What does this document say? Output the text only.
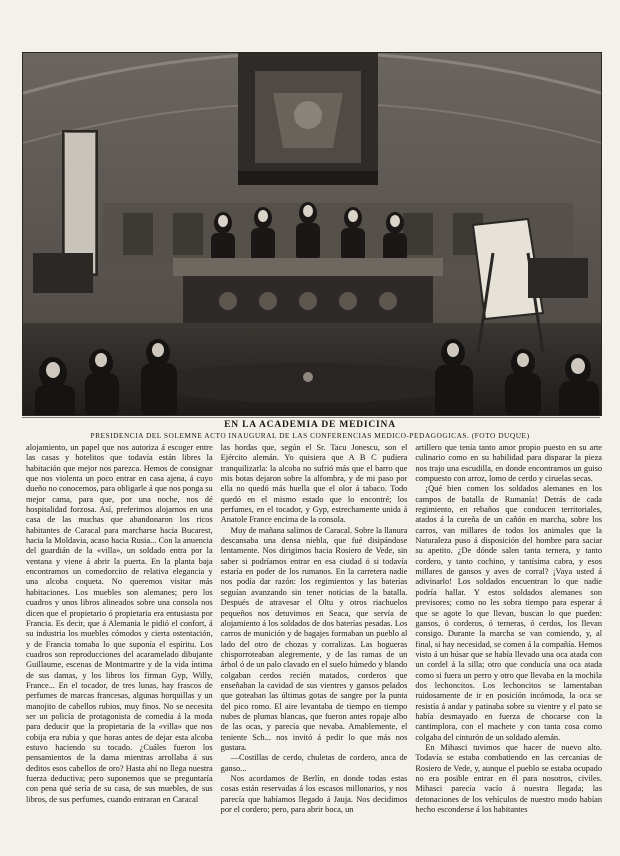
EN LA ACADEMIA DE MEDICINA
PRESIDENCIA DEL SOLEMNE ACTO INAUGURAL DE LAS CONFERENCIAS MEDICO-PEDAGOGICAS. (FOTO DUQUE)

alojamiento, un papel que nos autoriza á escoger entre las casas y hotelitos que todavía están libres la habitación que mejor nos parezca. Hemos de consignar que nos violenta un poco entrar en casa ajena, á cuyo dueño no conocemos, para obligarle á que nos ponga su mejor cama, para que, por una noche, nos dé hospitalidad forzosa. Así, preferimos alojarnos en una casa de las muchas que abandonaron los ricos habitantes de Caracal para marcharse hacia Bucarest, hacia la Moldavia, acaso hacia Rusia... Con la anuencia del guardián de la «villa», un soldado entra por la ventana y viene á abrir la puerta. En la planta baja encontramos un comedorcito de relativa elegancia y una alcoba coqueta. No queremos visitar más habitaciones. Los muebles son alemanes; pero los cuadros y unos libros alineados sobre una consola nos dicen que el propietario ó propietaria era entusiasta por Francia. Es decir, que á Alemania le pidió el confort, á su industria los muebles cómodos y cierta ostentación, y de Francia tomaba lo que suponía el espíritu. Los cuadros son reproducciones del acaramelado dibujante Guillaume, escenas de Montmartre y de la vida íntima de sus damas, y los libros los firman Gyp, Willy, France... En el tocador, de tres lunas, hay frascos de perfumes de marcas francesas, algunas horquillas y un manojito de cabellos rubios, muy finos. No se necesita ser un policía de protagonista de comedia á la moda para deducir que la propietaria de la «villa» que nos cobija era rubia y que horas antes de dejar esta alcoba estuvo haciendo su tocado. ¿Cuáles fueron los pensamientos de la dama mientras arrollaba á sus deditos esos cabellos de oro? Hasta ahí no llega nuestra fuerza deductiva; pero suponemos que se preguntaría con pena qué sería de su casa, de sus muebles, de sus libros, de sus perfumes, cuando entraran en Caracal

las hordas que, según el Sr. Tacu Jonescu, son el Ejército alemán. Yo quisiera que A B C pudiera tranquilizarla: la alcoba no sufrió más que el barro que mis botas dejaron sobre la alfombra, y de mi paso por ella no quedó más huella que el olor á tabaco. Todo quedó en el mismo estado que lo encontré; los perfumes, en el tocador, y Gyp, estrechamente unida á Anatole France encima de la consola.

Muy de mañana salimos de Caracal. Sobre la llanura descansaba una densa niebla, que fué disipándose lentamente. Nos dirigimos hacia Rosiero de Vede, sin saber si podríamos entrar en esa ciudad ó si todavía estaría en poder de los rumanos. En la carretera nadie nos podía dar razón: los regimientos y las baterías seguían avanzando sin tener noticias de la batalla. Después de atravesar el Oltu y otros riachuelos pequeños nos detuvimos en Seaca, que servía de alojamiento á los soldados de dos baterías pesadas. Los carros de munición y de bagajes formaban un pueblo al lado del otro de chozas y corralizas. Las hogueras chisporroteaban alegremente, y de las ramas de un árbol ó de un palo clavado en el suelo húmedo y blando colgaban cerdos recién matados, corderos que enseñaban la cavidad de sus vientres y gansos pelados que goteaban las últimas gotas de sangre por la punta del pico romo. El aire levantaba de tiempo en tiempo nubes de plumas blancas, que fueron antes ropaje albo de las ocas, y parecía que nevaba. Amablemente, el teniente Sch... nos invitó á pedir lo que más nos gustara.

—Costillas de cerdo, chuletas de cordero, anca de ganso...

Nos acordamos de Berlín, en donde todas estas cosas están reservadas á los escasos millonarios, y nos parecía que habíamos llegado á Jauja. Nos decidimos por el cordero; pero, para abrir boca, un

artillero que tenía tanto amor propio puesto en su arte culinario como en su habilidad para disparar la pieza nos trajo una escudilla, en donde encontramos un guiso compuesto con arroz, lomo de cerdo y ciruelas secas.

¡Qué bien comen los soldados alemanes en los campos de batalla de Rumanía! Detrás de cada regimiento, en rebaños que conducen territoriales, atados á la cureña de un cañón en marcha, sobre los carros, van millares de todos los animales que la Naturaleza puso á disposición del hombre para saciar su apetito. ¿De dónde salen tanta ternera, y tanto cordero, y tanto cochino, y tantísima cabra, y esos millares de gansos y aves de corral? ¡Vaya usted á adivinarlo! Los soldados encuentran lo que nadie podría hallar. Y estos soldados alemanes son previsores; como no les sobra tiempo para esperar á que se agote lo que llevan, buscan lo que pueden: gansos, ó corderos, ó terneras, ó cerdos, los llevan consigo. Durante la marcha se van comiendo, y, al final, si hay necesidad, se comen á la compañía. Hemos visto á un húsar que se había llevado una oca atada con un cordel á la silla; otro que conducía una oca atada como si fuera un perro y otro que llevaba en la mochila dos lechoncitos. Los lechoncitos se lamentaban ruidosamente de ir en posición incómoda, la oca se resistía á andar y patinaba sobre su vientre y el pato se había desmayado en fuerza de chocarse con la cantimplora, con el machete y con tanta cosa como colgaba del cinturón de un soldado alemán.

En Mihasci tuvimos que hacer de nuevo alto. Todavía se estaba combatiendo en las cercanías de Rosiero de Vede, y, aunque el pueblo se estaba ocupado no era posible entrar en él para nosotros, civiles. Mihasci parecía vacío á nuestra llegada; las detonaciones de los vehículos de nuestro modo habían hecho esconderse á los habitantes
